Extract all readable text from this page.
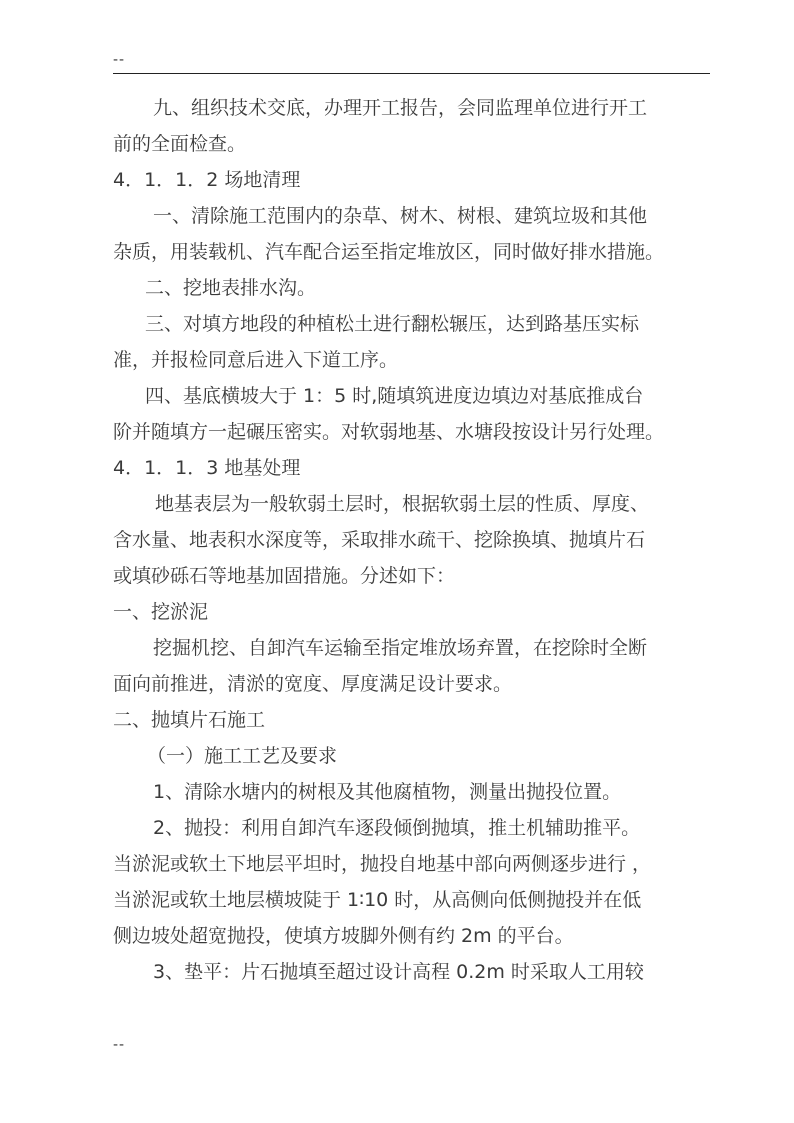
--

九、组织技术交底，办理开工报告，会同监理单位进行开工

前的全面检查。

4．1．1．2 场地清理

一、清除施工范围内的杂草、树木、树根、建筑垃圾和其他

杂质，用装载机、汽车配合运至指定堆放区，同时做好排水措施。

二、挖地表排水沟。

三、对填方地段的种植松土进行翻松辗压，达到路基压实标

准，并报检同意后进入下道工序。

四、基底横坡大于 1：5 时,随填筑进度边填边对基底推成台

阶并随填方一起碾压密实。对软弱地基、水塘段按设计另行处理。

4．1．1．3 地基处理

地基表层为一般软弱土层时，根据软弱土层的性质、厚度、

含水量、地表积水深度等，采取排水疏干、挖除换填、抛填片石

或填砂砾石等地基加固措施。分述如下：

一、挖淤泥

挖掘机挖、自卸汽车运输至指定堆放场弃置，在挖除时全断

面向前推进，清淤的宽度、厚度满足设计要求。

二、抛填片石施工

（一）施工工艺及要求

1、清除水塘内的树根及其他腐植物，测量出抛投位置。

2、抛投：利用自卸汽车逐段倾倒抛填，推土机辅助推平。

当淤泥或软土下地层平坦时，抛投自地基中部向两侧逐步进行 ，

当淤泥或软土地层横坡陡于 1∶10 时，从高侧向低侧抛投并在低

侧边坡处超宽抛投，使填方坡脚外侧有约 2m 的平台。

3、垫平：片石抛填至超过设计高程 0.2m 时采取人工用较

--
